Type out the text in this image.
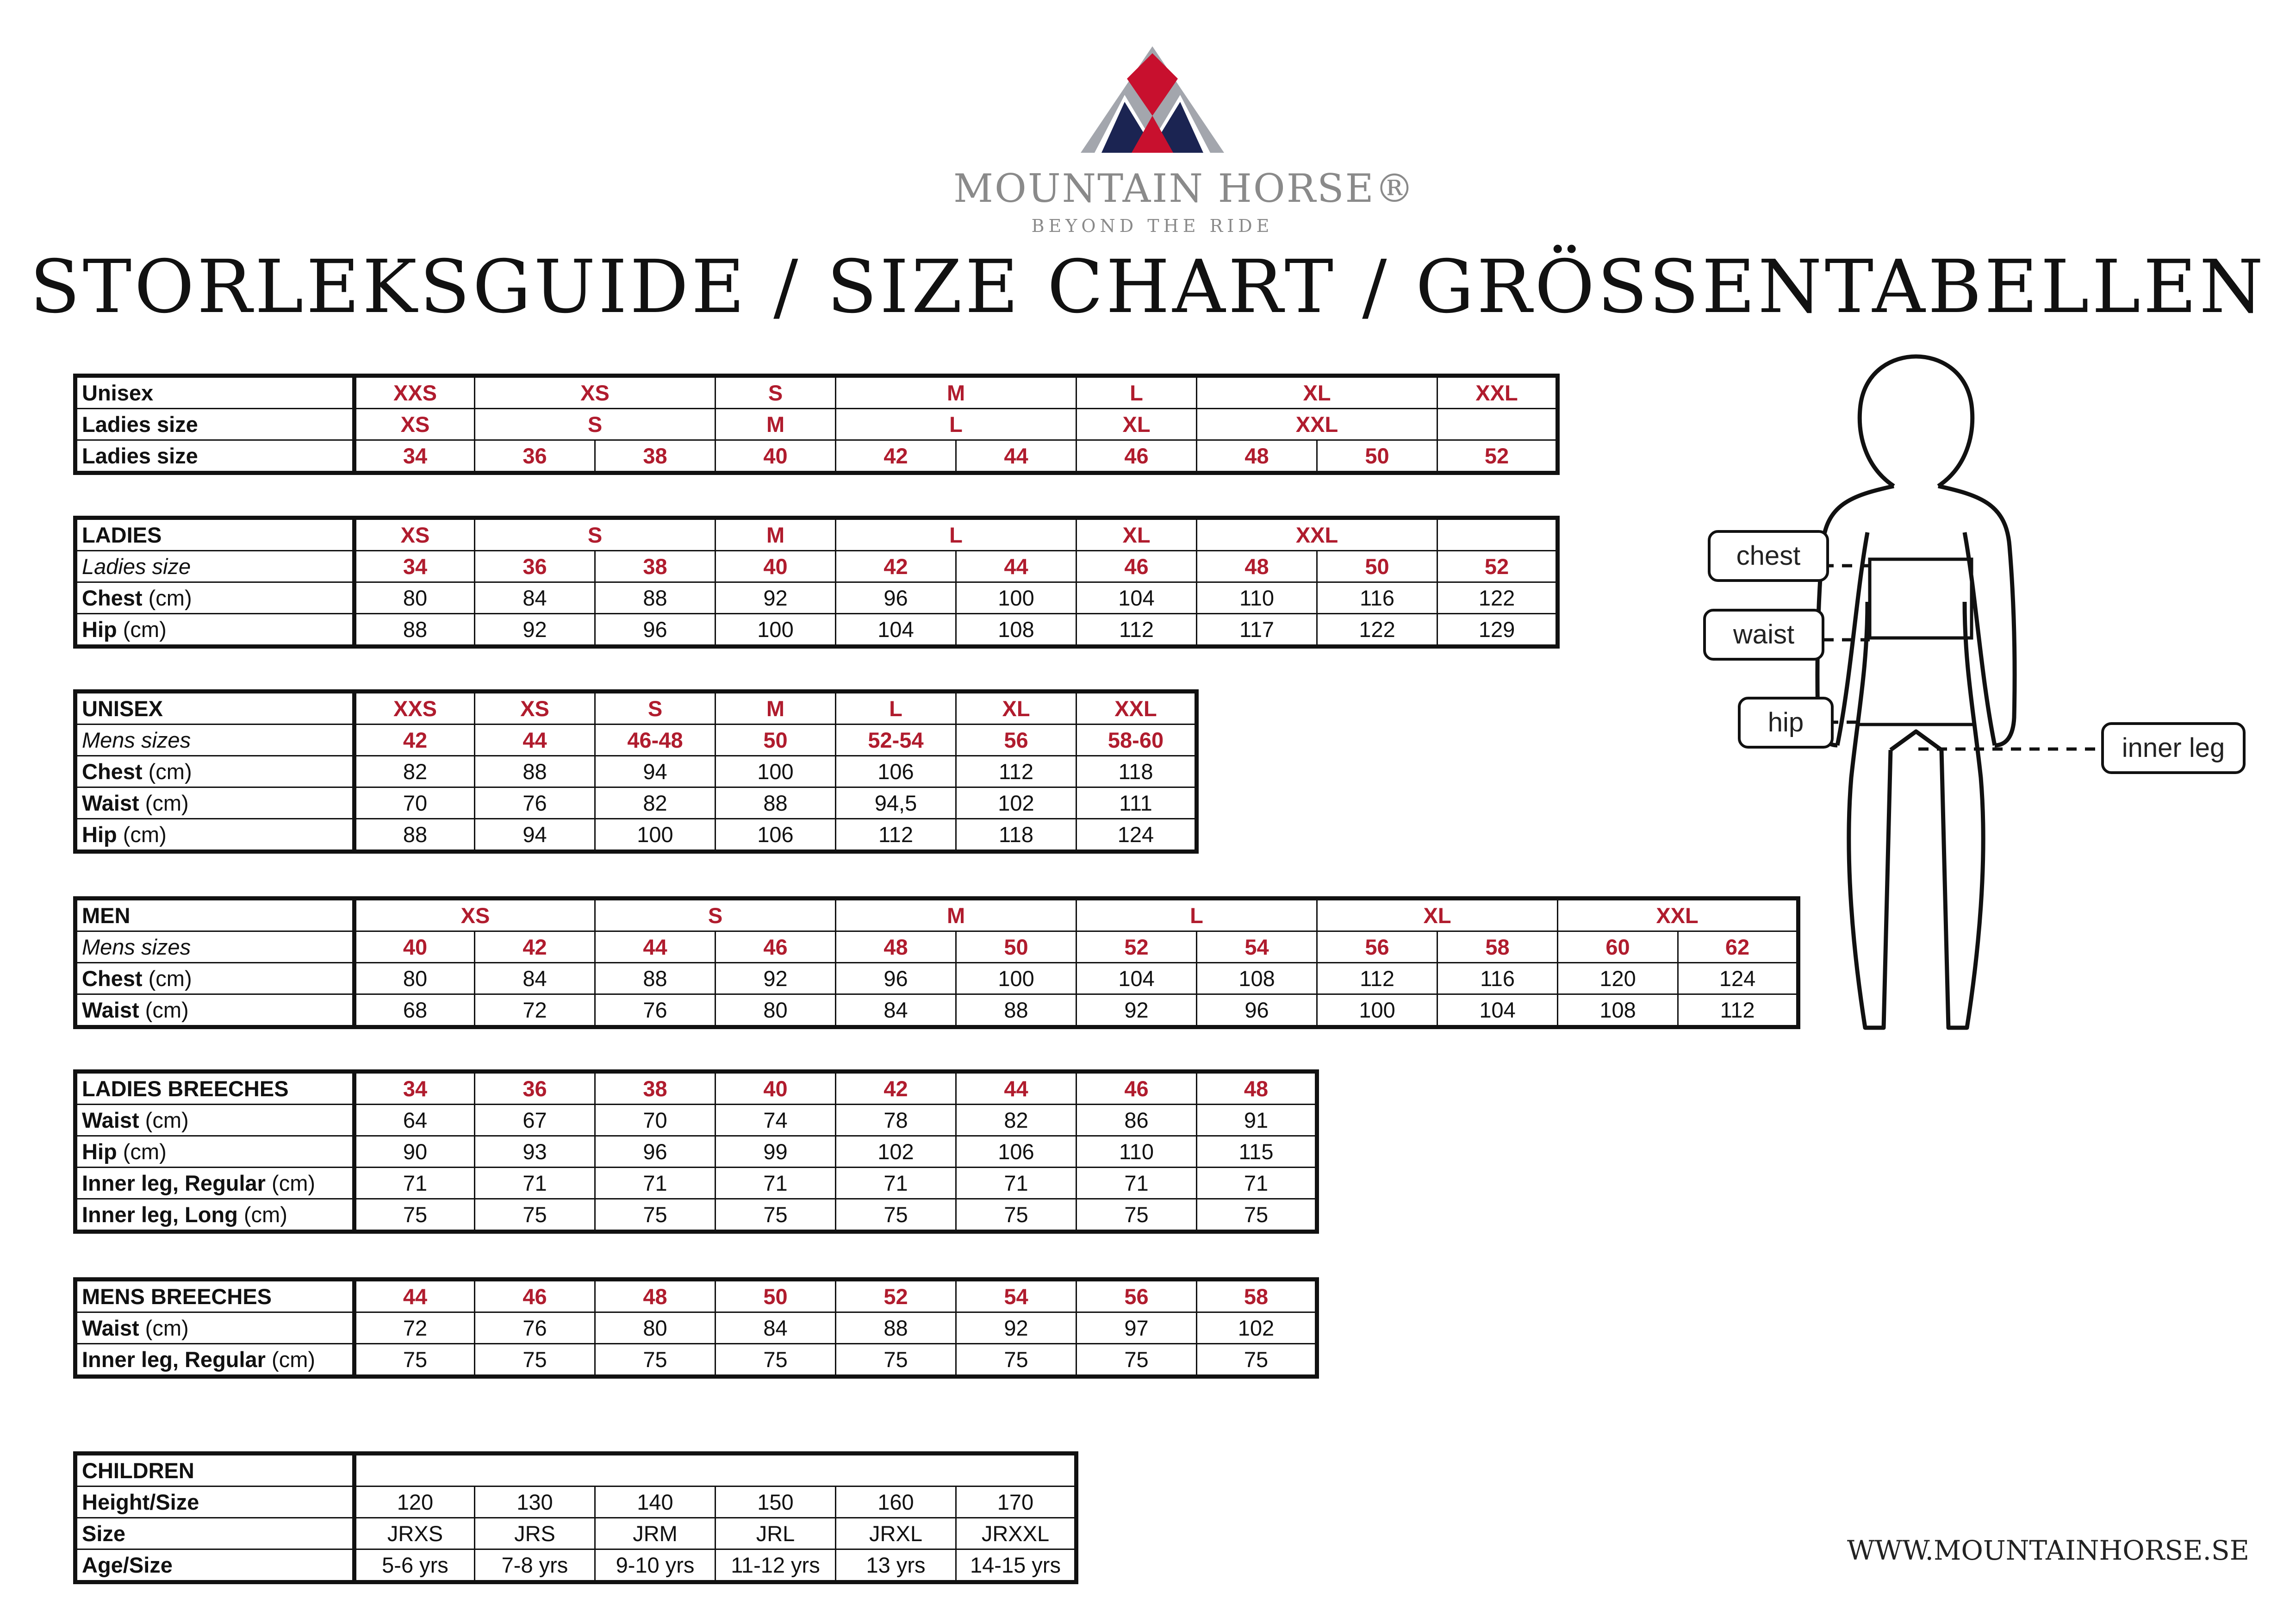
MOUNTAIN HORSE®
BEYOND THE RIDE
STORLEKSGUIDE / SIZE CHART / GRÖSSENTABELLEN
Unisex	XXS	XS		S	M		L	XL		XXL
Ladies size	XS	S		M	L		XL	XXL		
Ladies size	34	36	38	40	42	44	46	48	50	52
LADIES	XS	S		M	L		XL	XXL		
Ladies size	34	36	38	40	42	44	46	48	50	52
Chest (cm)	80	84	88	92	96	100	104	110	116	122
Hip (cm)	88	92	96	100	104	108	112	117	122	129
UNISEX	XXS	XS	S	M	L	XL	XXL
Mens sizes	42	44	46-48	50	52-54	56	58-60
Chest (cm)	82	88	94	100	106	112	118
Waist (cm)	70	76	82	88	94,5	102	111
Hip (cm)	88	94	100	106	112	118	124
MEN	XS		S		M		L		XL		XXL	
Mens sizes	40	42	44	46	48	50	52	54	56	58	60	62
Chest (cm)	80	84	88	92	96	100	104	108	112	116	120	124
Waist (cm)	68	72	76	80	84	88	92	96	100	104	108	112
LADIES BREECHES	34	36	38	40	42	44	46	48
Waist (cm)	64	67	70	74	78	82	86	91
Hip (cm)	90	93	96	99	102	106	110	115
Inner leg, Regular (cm)	71	71	71	71	71	71	71	71
Inner leg, Long (cm)	75	75	75	75	75	75	75	75
MENS BREECHES	44	46	48	50	52	54	56	58
Waist (cm)	72	76	80	84	88	92	97	102
Inner leg, Regular (cm)	75	75	75	75	75	75	75	75
CHILDREN						
Height/Size	120	130	140	150	160	170
Size	JRXS	JRS	JRM	JRL	JRXL	JRXXL
Age/Size	5-6 yrs	7-8 yrs	9-10 yrs	11-12 yrs	13 yrs	14-15 yrs
chest
waist
hip
inner leg
WWW.MOUNTAINHORSE.SE
